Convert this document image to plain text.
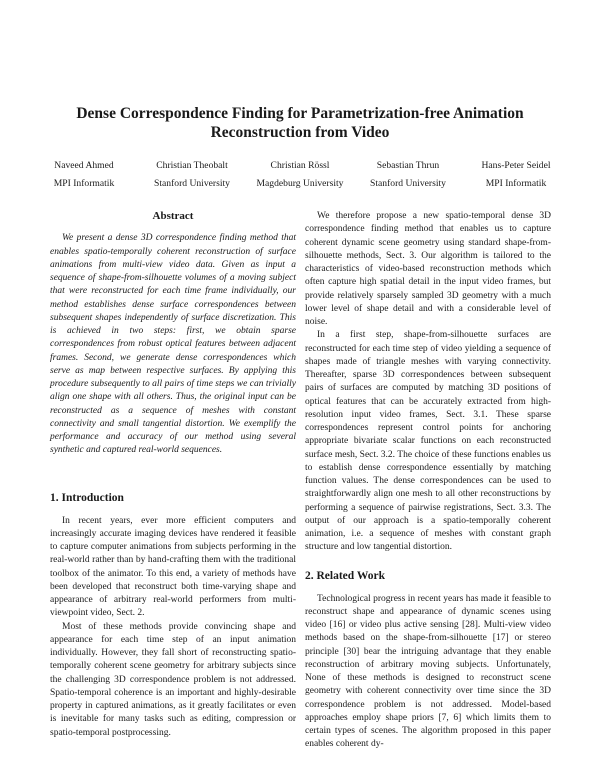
Dense Correspondence Finding for Parametrization-free Animation
Reconstruction from Video
Naveed Ahmed
MPI Informatik
Christian Theobalt
Stanford University
Christian Rössl
Magdeburg University
Sebastian Thrun
Stanford University
Hans-Peter Seidel
MPI Informatik
Abstract

We present a dense 3D correspondence finding method that enables spatio-temporally coherent reconstruction of surface animations from multi-view video data. Given as input a sequence of shape-from-silhouette volumes of a moving subject that were reconstructed for each time frame individually, our method establishes dense surface correspondences between subsequent shapes independently of surface discretization. This is achieved in two steps: first, we obtain sparse correspondences from robust optical features between adjacent frames. Second, we generate dense correspondences which serve as map between respective surfaces. By applying this procedure subsequently to all pairs of time steps we can trivially align one shape with all others. Thus, the original input can be reconstructed as a sequence of meshes with constant connectivity and small tangential distortion. We exemplify the performance and accuracy of our method using several synthetic and captured real-world sequences.

1. Introduction

In recent years, ever more efficient computers and increasingly accurate imaging devices have rendered it feasible to capture computer animations from subjects performing in the real-world rather than by hand-crafting them with the traditional toolbox of the animator. To this end, a variety of methods have been developed that reconstruct both time-varying shape and appearance of arbitrary real-world performers from multi-viewpoint video, Sect. 2.

Most of these methods provide convincing shape and appearance for each time step of an input animation individually. However, they fall short of reconstructing spatio-temporally coherent scene geometry for arbitrary subjects since the challenging 3D correspondence problem is not addressed. Spatio-temporal coherence is an important and highly-desirable property in captured animations, as it greatly facilitates or even is inevitable for many tasks such as editing, compression or spatio-temporal postprocessing.

We therefore propose a new spatio-temporal dense 3D correspondence finding method that enables us to capture coherent dynamic scene geometry using standard shape-from-silhouette methods, Sect. 3. Our algorithm is tailored to the characteristics of video-based reconstruction methods which often capture high spatial detail in the input video frames, but provide relatively sparsely sampled 3D geometry with a much lower level of shape detail and with a considerable level of noise.

In a first step, shape-from-silhouette surfaces are reconstructed for each time step of video yielding a sequence of shapes made of triangle meshes with varying connectivity. Thereafter, sparse 3D correspondences between subsequent pairs of surfaces are computed by matching 3D positions of optical features that can be accurately extracted from high-resolution input video frames, Sect. 3.1. These sparse correspondences represent control points for anchoring appropriate bivariate scalar functions on each reconstructed surface mesh, Sect. 3.2. The choice of these functions enables us to establish dense correspondence essentially by matching function values. The dense correspondences can be used to straightforwardly align one mesh to all other reconstructions by performing a sequence of pairwise registrations, Sect. 3.3. The output of our approach is a spatio-temporally coherent animation, i.e. a sequence of meshes with constant graph structure and low tangential distortion.

2. Related Work

Technological progress in recent years has made it feasible to reconstruct shape and appearance of dynamic scenes using video [16] or video plus active sensing [28]. Multi-view video methods based on the shape-from-silhouette [17] or stereo principle [30] bear the intriguing advantage that they enable reconstruction of arbitrary moving subjects. Unfortunately, None of these methods is designed to reconstruct scene geometry with coherent connectivity over time since the 3D correspondence problem is not addressed. Model-based approaches employ shape priors [7, 6] which limits them to certain types of scenes. The algorithm proposed in this paper enables coherent dy-
